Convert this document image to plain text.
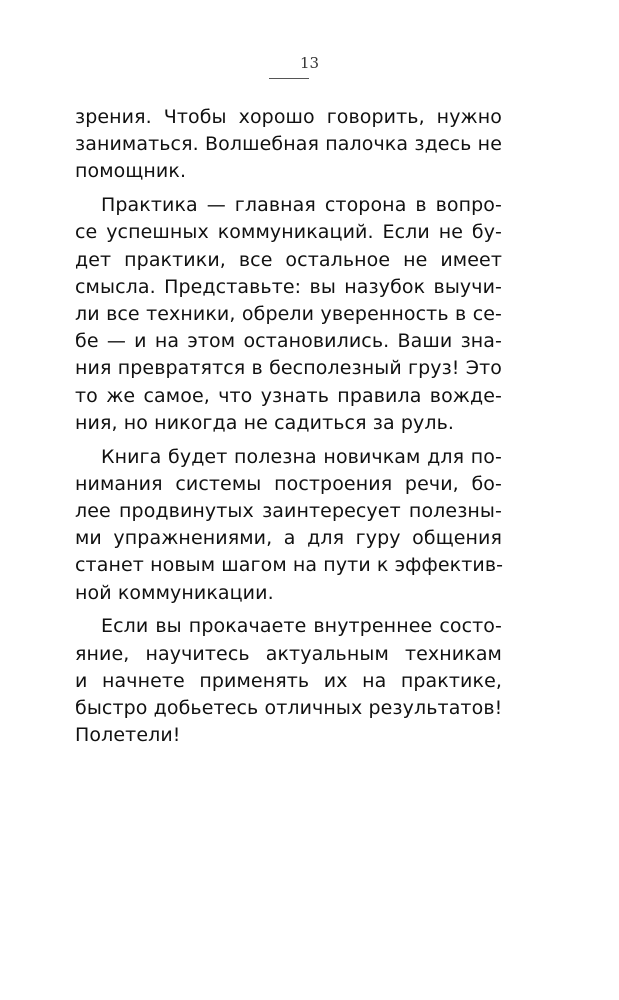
13
зрения. Чтобы хорошо говорить, нужно
заниматься. Волшебная палочка здесь не
помощник.
Практика — главная сторона в вопро-
се успешных коммуникаций. Если не бу-
дет практики, все остальное не имеет
смысла. Представьте: вы назубок выучи-
ли все техники, обрели уверенность в се-
бе — и на этом остановились. Ваши зна-
ния превратятся в бесполезный груз! Это
то же самое, что узнать правила вожде-
ния, но никогда не садиться за руль.
Книга будет полезна новичкам для по-
нимания системы построения речи, бо-
лее продвинутых заинтересует полезны-
ми упражнениями, а для гуру общения
станет новым шагом на пути к эффектив-
ной коммуникации.
Если вы прокачаете внутреннее состо-
яние, научитесь актуальным техникам
и начнете применять их на практике,
быстро добьетесь отличных результатов!
Полетели!
